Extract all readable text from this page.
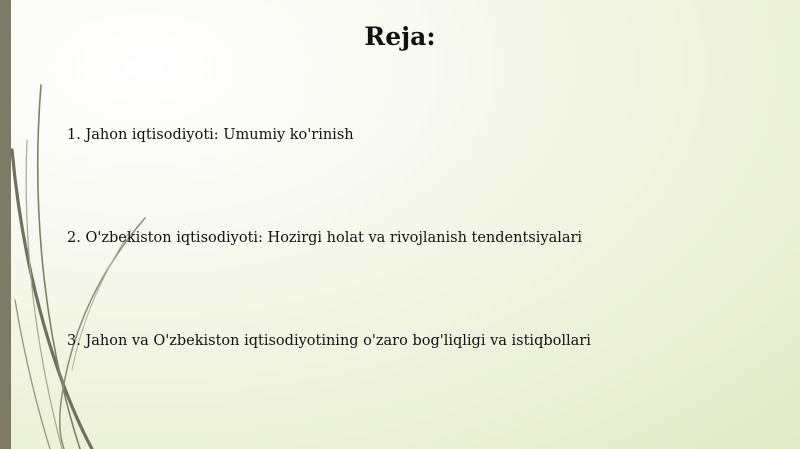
Reja:
1. Jahon iqtisodiyoti: Umumiy ko'rinish
2. O'zbekiston iqtisodiyoti: Hozirgi holat va rivojlanish tendentsiyalari
3. Jahon va O'zbekiston iqtisodiyotining o'zaro bog'liqligi va istiqbollari
